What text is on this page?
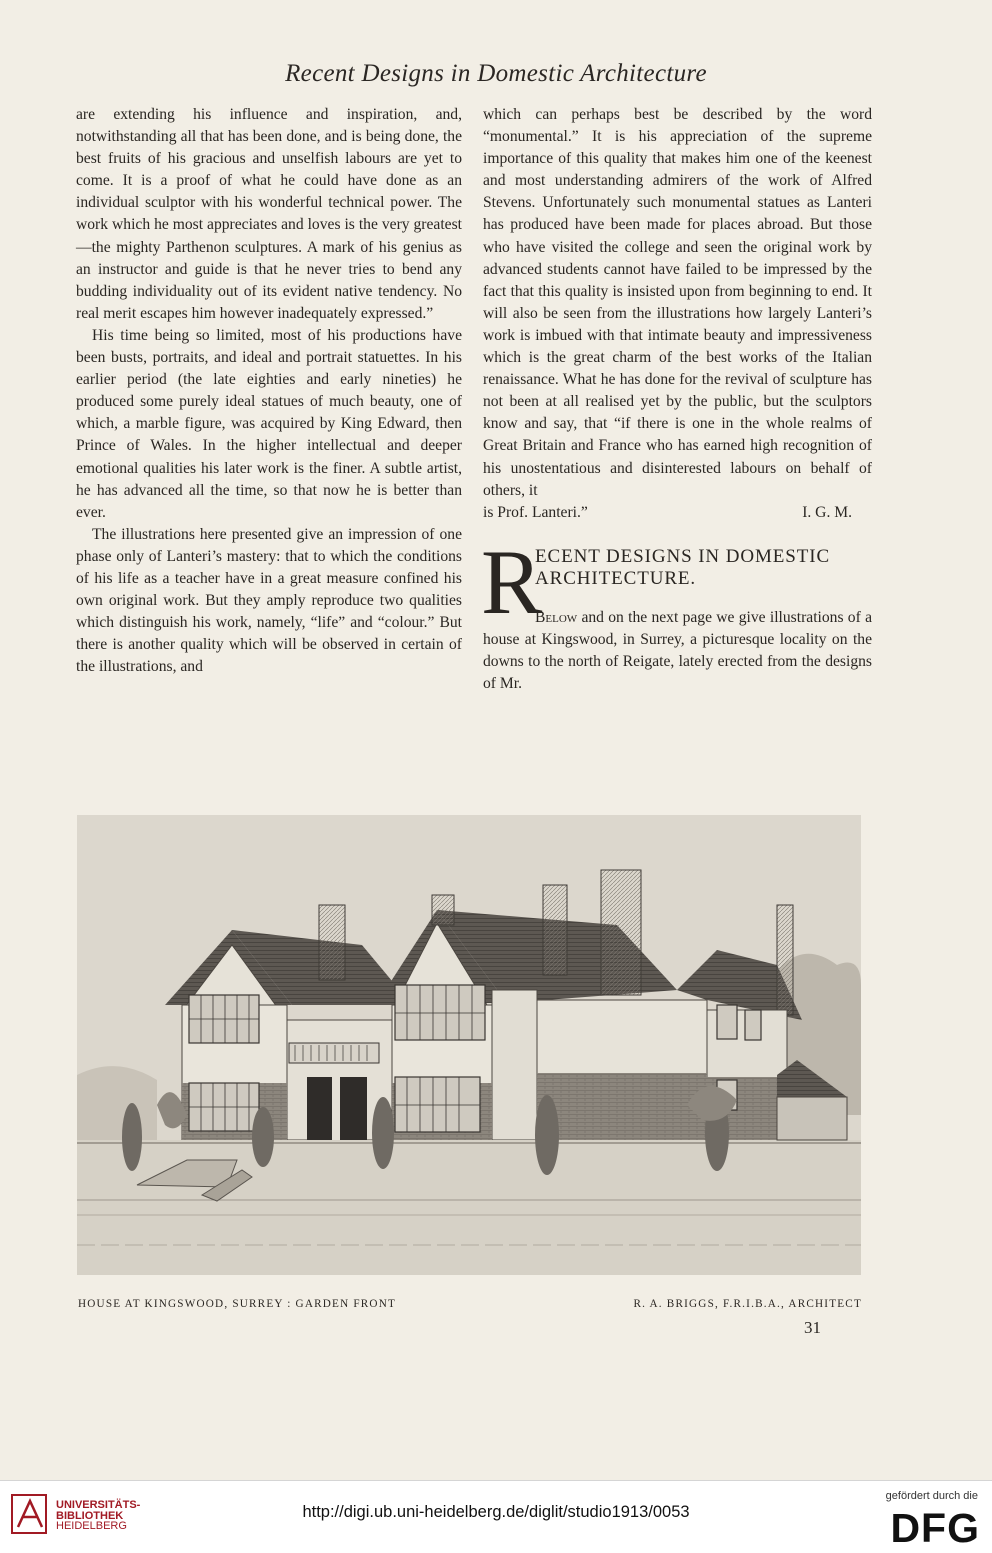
Recent Designs in Domestic Architecture

are extending his influence and inspiration, and, notwithstanding all that has been done, and is being done, the best fruits of his gracious and unselfish labours are yet to come. It is a proof of what he could have done as an individual sculptor with his wonderful technical power. The work which he most appreciates and loves is the very greatest—the mighty Parthenon sculptures. A mark of his genius as an instructor and guide is that he never tries to bend any budding individuality out of its evident native tendency. No real merit escapes him however inadequately expressed.”

His time being so limited, most of his productions have been busts, portraits, and ideal and portrait statuettes. In his earlier period (the late eighties and early nineties) he produced some purely ideal statues of much beauty, one of which, a marble figure, was acquired by King Edward, then Prince of Wales. In the higher intellectual and deeper emotional qualities his later work is the finer. A subtle artist, he has advanced all the time, so that now he is better than ever.

The illustrations here presented give an impression of one phase only of Lanteri’s mastery: that to which the conditions of his life as a teacher have in a great measure confined his own original work. But they amply reproduce two qualities which distinguish his work, namely, “life” and “colour.” But there is another quality which will be observed in certain of the illustrations, and

which can perhaps best be described by the word “monumental.” It is his appreciation of the supreme importance of this quality that makes him one of the keenest and most understanding admirers of the work of Alfred Stevens. Unfortunately such monumental statues as Lanteri has produced have been made for places abroad. But those who have visited the college and seen the original work by advanced students cannot have failed to be impressed by the fact that this quality is insisted upon from beginning to end. It will also be seen from the illustrations how largely Lanteri’s work is imbued with that intimate beauty and impressiveness which is the great charm of the best works of the Italian renaissance. What he has done for the revival of sculpture has not been at all realised yet by the public, but the sculptors know and say, that “if there is one in the whole realms of Great Britain and France who has earned high recognition of his unostentatious and disinterested labours on behalf of others, it

is Prof. Lanteri.”	I. G. M.
R
ECENT DESIGNS IN DOMESTIC
ARCHITECTURE.
Below and on the next page we give illustrations of a house at Kingswood, in Surrey, a picturesque locality on the downs to the north of Reigate, lately erected from the designs of Mr.
HOUSE AT KINGSWOOD, SURREY : GARDEN FRONT	R. A. BRIGGS, F.R.I.B.A., ARCHITECT
31
UNIVERSITÄTS-
BIBLIOTHEK
HEIDELBERG
http://digi.ub.uni-heidelberg.de/diglit/studio1913/0053
gefördert durch die
DFG
